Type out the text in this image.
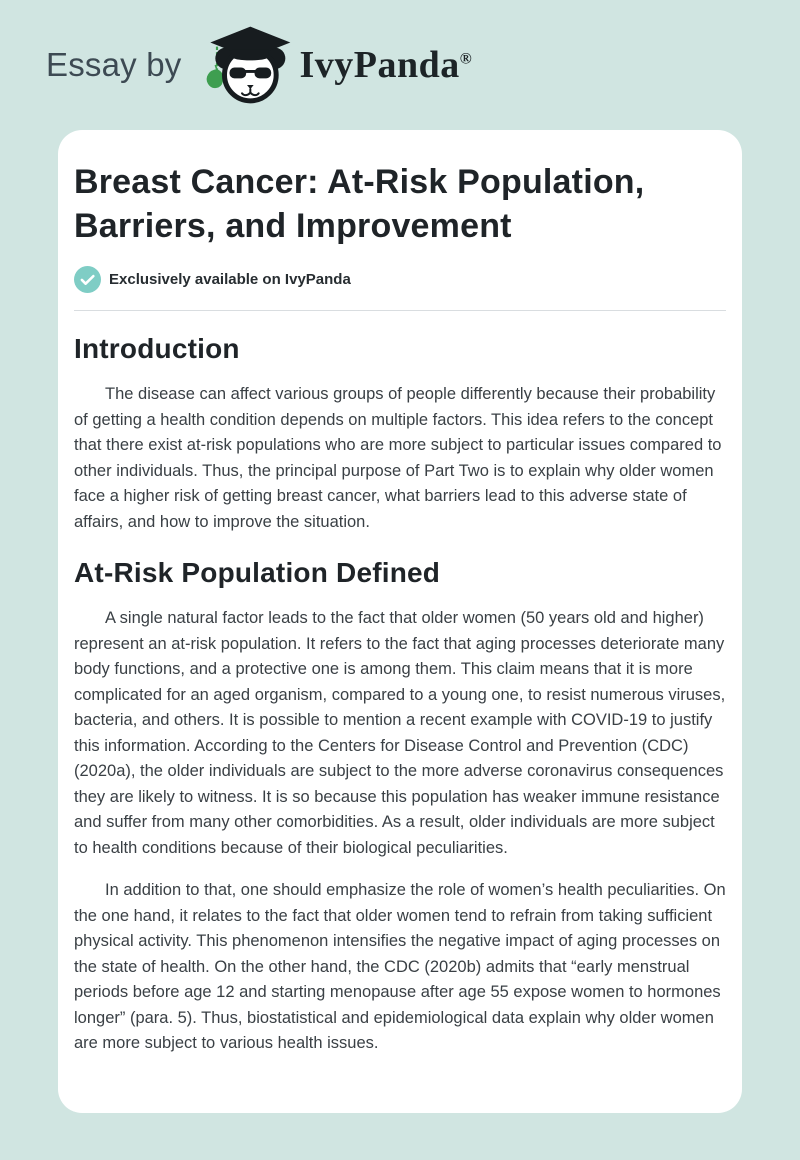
Essay by	IvyPanda®
Breast Cancer: At-Risk Population, Barriers, and Improvement
Exclusively available on IvyPanda
Introduction

The disease can affect various groups of people differently because their probability of getting a health condition depends on multiple factors. This idea refers to the concept that there exist at-risk populations who are more subject to particular issues compared to other individuals. Thus, the principal purpose of Part Two is to explain why older women face a higher risk of getting breast cancer, what barriers lead to this adverse state of affairs, and how to improve the situation.

At-Risk Population Defined

A single natural factor leads to the fact that older women (50 years old and higher) represent an at-risk population. It refers to the fact that aging processes deteriorate many body functions, and a protective one is among them. This claim means that it is more complicated for an aged organism, compared to a young one, to resist numerous viruses, bacteria, and others. It is possible to mention a recent example with COVID-19 to justify this information. According to the Centers for Disease Control and Prevention (CDC) (2020a), the older individuals are subject to the more adverse coronavirus consequences they are likely to witness. It is so because this population has weaker immune resistance and suffer from many other comorbidities. As a result, older individuals are more subject to health conditions because of their biological peculiarities.

In addition to that, one should emphasize the role of women’s health peculiarities. On the one hand, it relates to the fact that older women tend to refrain from taking sufficient physical activity. This phenomenon intensifies the negative impact of aging processes on the state of health. On the other hand, the CDC (2020b) admits that “early menstrual periods before age 12 and starting menopause after age 55 expose women to hormones longer” (para. 5). Thus, biostatistical and epidemiological data explain why older women are more subject to various health issues.
